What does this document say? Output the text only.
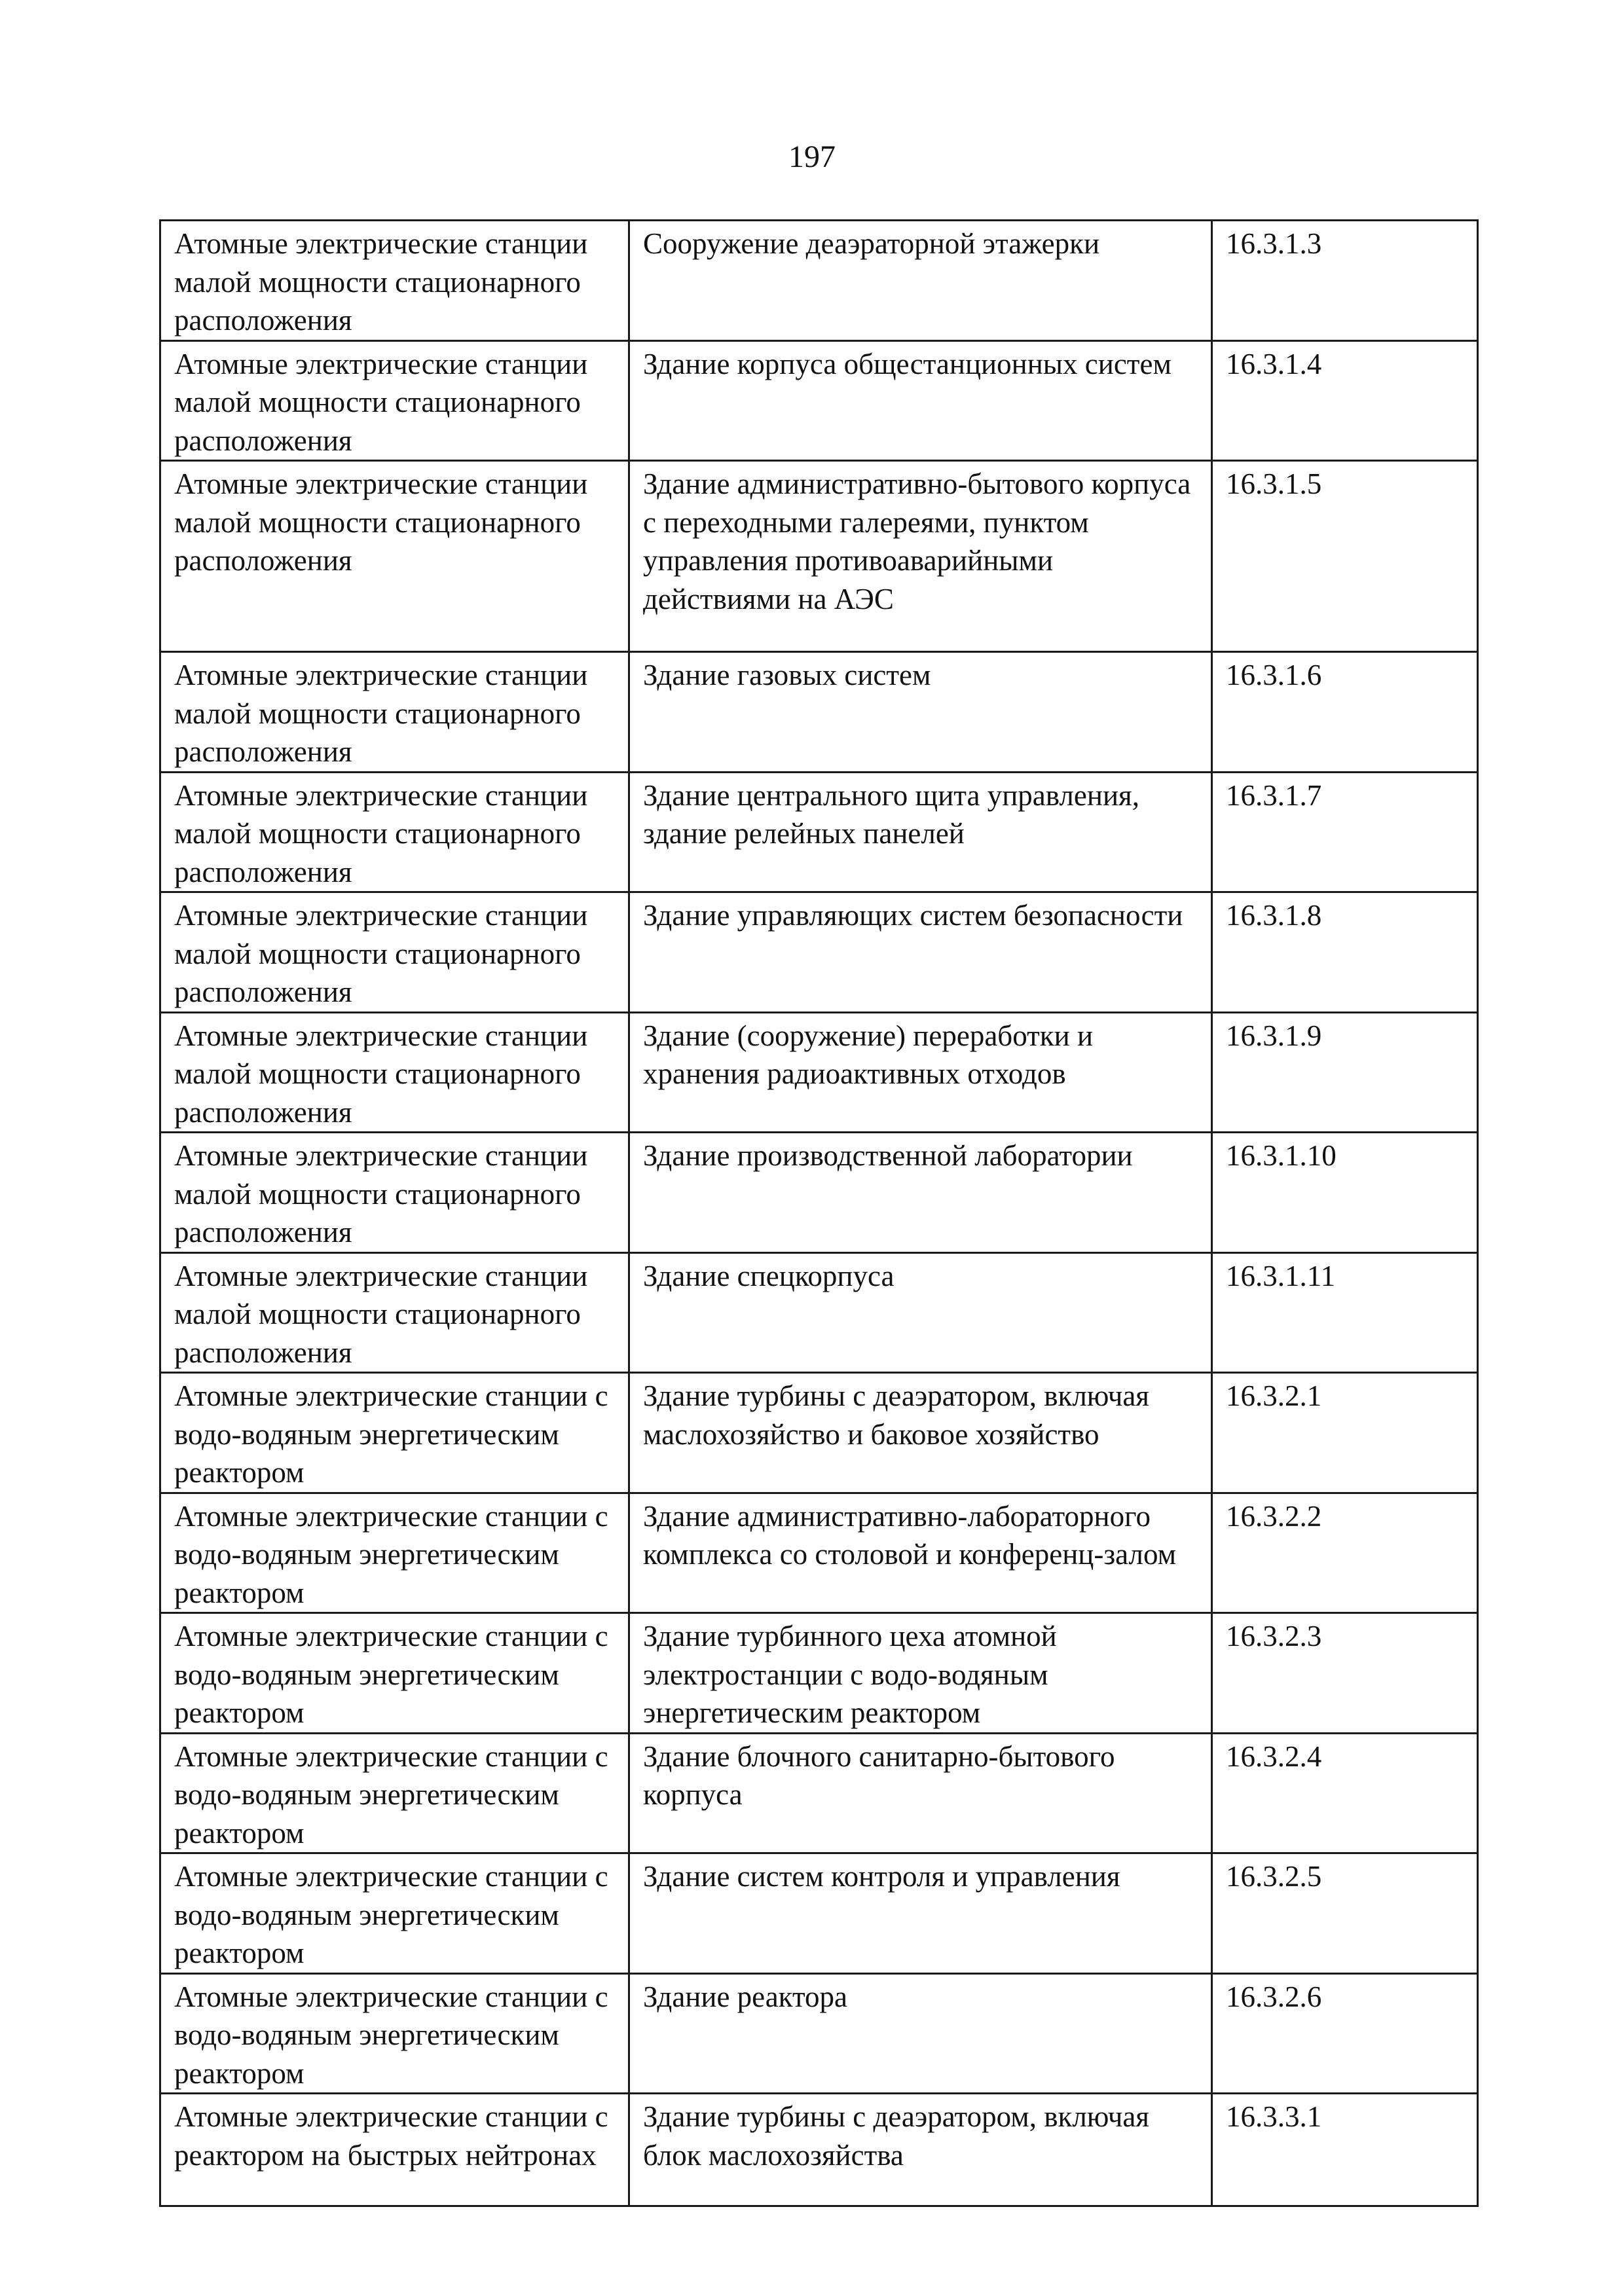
197
Атомные электрические станции малой мощности стационарного расположения	Сооружение деаэраторной этажерки	16.3.1.3
Атомные электрические станции малой мощности стационарного расположения	Здание корпуса общестанционных систем	16.3.1.4
Атомные электрические станции малой мощности стационарного расположения	Здание административно-бытового корпуса с переходными галереями, пунктом управления противоаварийными действиями на АЭС	16.3.1.5
Атомные электрические станции малой мощности стационарного расположения	Здание газовых систем	16.3.1.6
Атомные электрические станции малой мощности стационарного расположения	Здание центрального щита управления, здание релейных панелей	16.3.1.7
Атомные электрические станции малой мощности стационарного расположения	Здание управляющих систем безопасности	16.3.1.8
Атомные электрические станции малой мощности стационарного расположения	Здание (сооружение) переработки и хранения радиоактивных отходов	16.3.1.9
Атомные электрические станции малой мощности стационарного расположения	Здание производственной лаборатории	16.3.1.10
Атомные электрические станции малой мощности стационарного расположения	Здание спецкорпуса	16.3.1.11
Атомные электрические станции с водо-водяным энергетическим реактором	Здание турбины с деаэратором, включая маслохозяйство и баковое хозяйство	16.3.2.1
Атомные электрические станции с водо-водяным энергетическим реактором	Здание административно-лабораторного комплекса со столовой и конференц-залом	16.3.2.2
Атомные электрические станции с водо-водяным энергетическим реактором	Здание турбинного цеха атомной электростанции с водо-водяным энергетическим реактором	16.3.2.3
Атомные электрические станции с водо-водяным энергетическим реактором	Здание блочного санитарно-бытового корпуса	16.3.2.4
Атомные электрические станции с водо-водяным энергетическим реактором	Здание систем контроля и управления	16.3.2.5
Атомные электрические станции с водо-водяным энергетическим реактором	Здание реактора	16.3.2.6
Атомные электрические станции с реактором на быстрых нейтронах	Здание турбины с деаэратором, включая блок маслохозяйства	16.3.3.1
